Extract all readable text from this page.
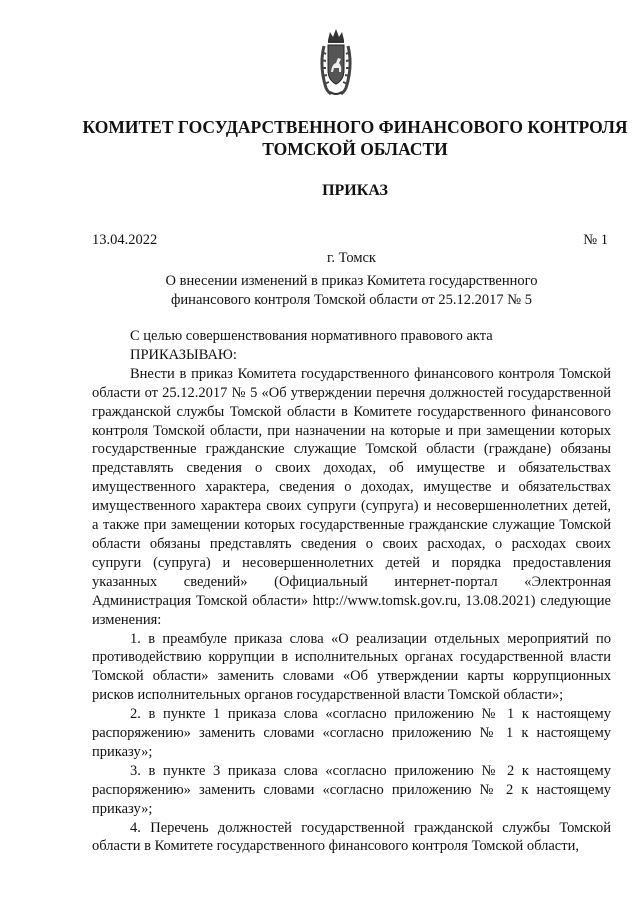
КОМИТЕТ ГОСУДАРСТВЕННОГО ФИНАНСОВОГО КОНТРОЛЯ
ТОМСКОЙ ОБЛАСТИ
ПРИКАЗ
13.04.2022	№ 1
г. Томск
О внесении изменений в приказ Комитета государственного
финансового контроля Томской области от 25.12.2017 № 5

С целью совершенствования нормативного правового акта

ПРИКАЗЫВАЮ:

Внести в приказ Комитета государственного финансового контроля Томской области от 25.12.2017 № 5 «Об утверждении перечня должностей государственной гражданской службы Томской области в Комитете государственного финансового контроля Томской области, при назначении на которые и при замещении которых государственные гражданские служащие Томской области (граждане) обязаны представлять сведения о своих доходах, об имуществе и обязательствах имущественного характера, сведения о доходах, имуществе и обязательствах имущественного характера своих супруги (супруга) и несовершеннолетних детей, а также при замещении которых государственные гражданские служащие Томской области обязаны представлять сведения о своих расходах, о расходах своих супруги (супруга) и несовершеннолетних детей и порядка предоставления указанных сведений» (Официальный интернет-портал «Электронная Администрация Томской области» http://www.tomsk.gov.ru, 13.08.2021) следующие изменения:

1. в преамбуле приказа слова «О реализации отдельных мероприятий по противодействию коррупции в исполнительных органах государственной власти Томской области» заменить словами «Об утверждении карты коррупционных рисков исполнительных органов государственной власти Томской области»;

2. в пункте 1 приказа слова «согласно приложению № 1 к настоящему распоряжению» заменить словами «согласно приложению № 1 к настоящему приказу»;

3. в пункте 3 приказа слова «согласно приложению № 2 к настоящему распоряжению» заменить словами «согласно приложению № 2 к настоящему приказу»;

4. Перечень должностей государственной гражданской службы Томской области в Комитете государственного финансового контроля Томской области,
